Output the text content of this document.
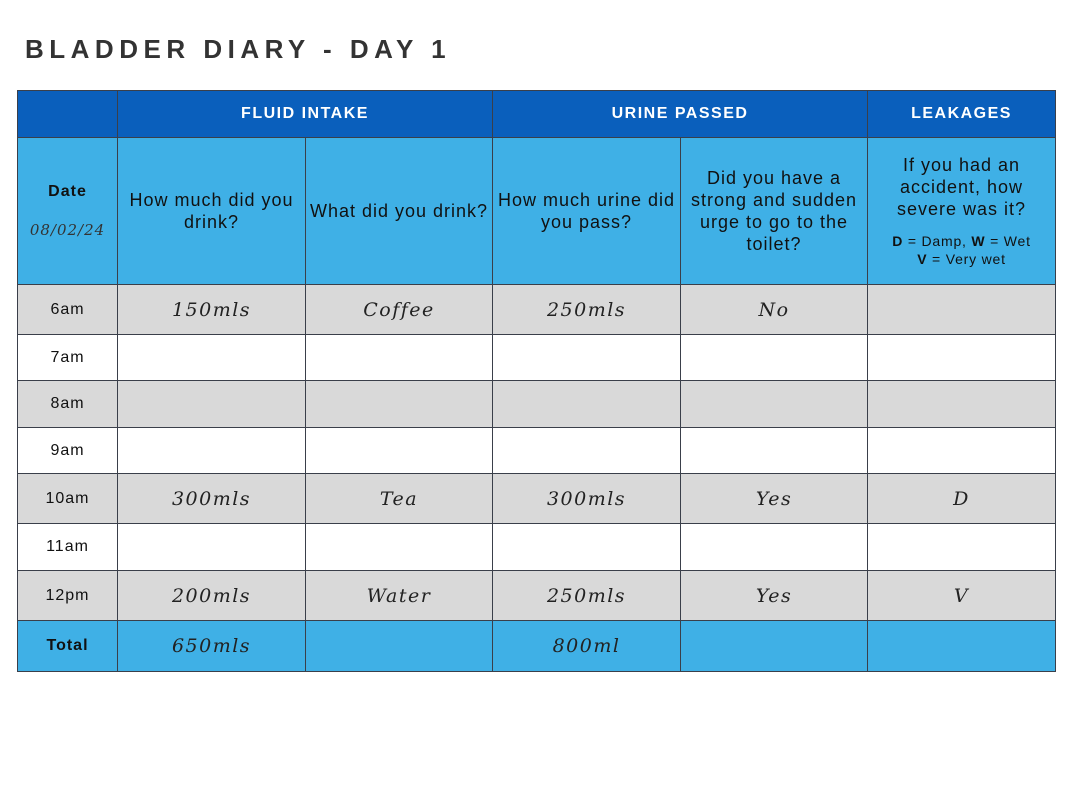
BLADDER DIARY - DAY 1
	FLUID INTAKE		URINE PASSED		LEAKAGES
Date
08/02/24	How much did you drink?	What did you drink?	How much urine did you pass?	Did you have a strong and sudden urge to go to the toilet?	If you had an accident, how severe was it?
D = Damp, W = Wet
V = Very wet

6am	150mls	Coffee	250mls	No	
7am					
8am					
9am					
10am	300mls	Tea	300mls	Yes	D
11am					
12pm	200mls	Water	250mls	Yes	V
Total	650mls		800ml		
